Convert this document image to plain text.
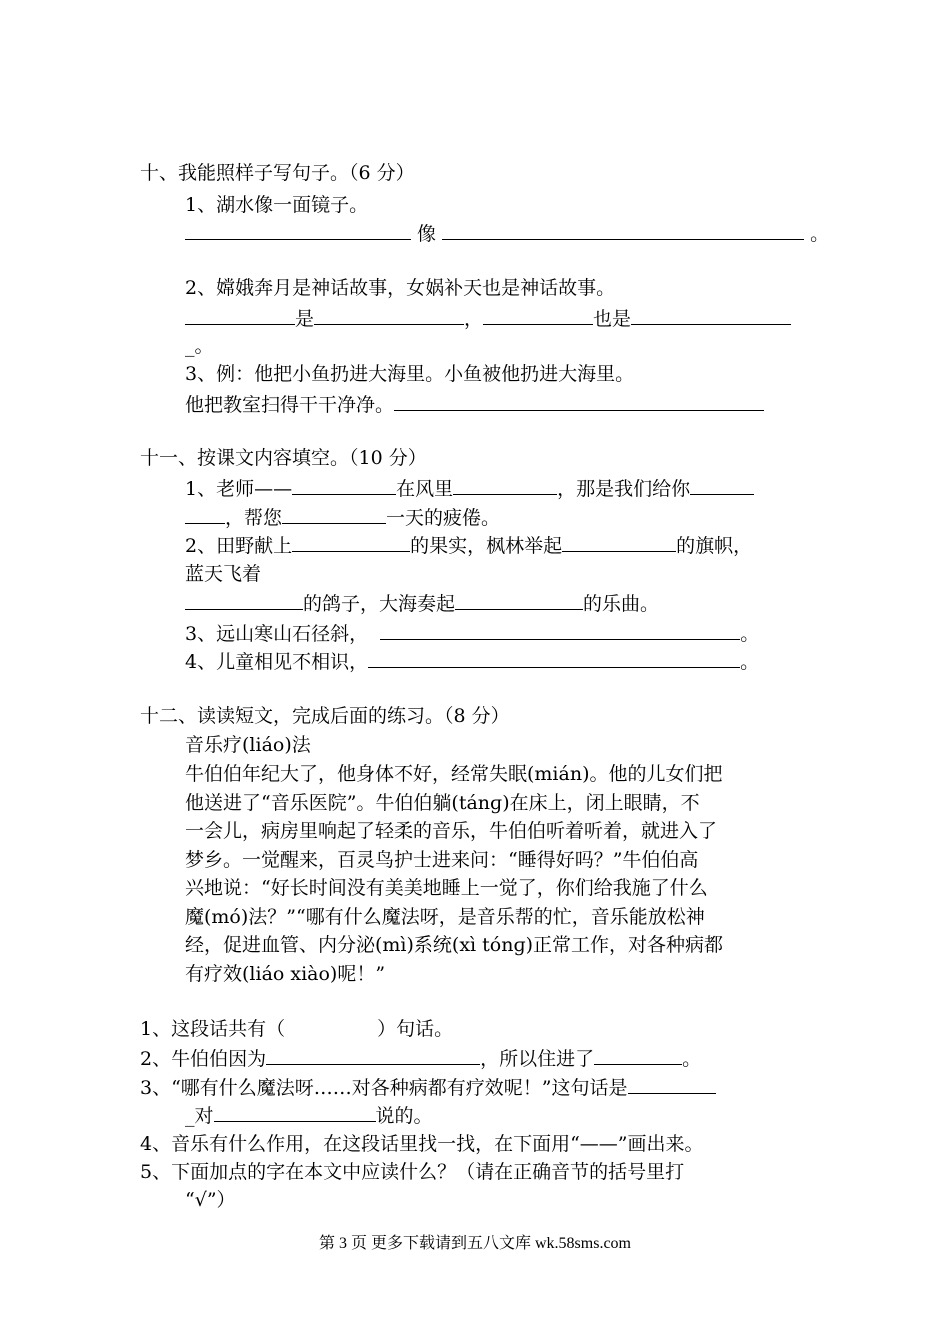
十、我能照样子写句子。（6 分）
1、湖水像一面镜子。
像	。
2、嫦娥奔月是神话故事，女娲补天也是神话故事。
是	，	也是
_。
3、例：他把小鱼扔进大海里。小鱼被他扔进大海里。
他把教室扫得干干净净。
十一、按课文内容填空。（10 分）
1、老师——	在风里	，那是我们给你
，帮您	一天的疲倦。
2、田野献上	的果实，枫林举起	的旗帜，
蓝天飞着
的鸽子，大海奏起	的乐曲。
3、远山寒山石径斜，	。
4、儿童相见不相识，	。
十二、读读短文，完成后面的练习。（8 分）
音乐疗(liáo)法
牛伯伯年纪大了，他身体不好，经常失眠(mián)。他的儿女们把
他送进了“音乐医院”。牛伯伯躺(tánɡ)在床上，闭上眼睛，不
一会儿，病房里响起了轻柔的音乐，牛伯伯听着听着，就进入了
梦乡。一觉醒来，百灵鸟护士进来问：“睡得好吗？”牛伯伯高
兴地说：“好长时间没有美美地睡上一觉了，你们给我施了什么
魔(mó)法？”“哪有什么魔法呀，是音乐帮的忙，音乐能放松神
经，促进血管、内分泌(mì)系统(xì tónɡ)正常工作，对各种病都
有疗效(liáo xiào)呢！”
1、这段话共有（	）句话。
2、牛伯伯因为	，所以住进了	。
3、“哪有什么魔法呀……对各种病都有疗效呢！”这句话是
_对	说的。
4、音乐有什么作用，在这段话里找一找，在下面用“——”画出来。
5、下面加点的字在本文中应读什么？（请在正确音节的括号里打
“√”）
第 3 页 更多下载请到五八文库 wk.58sms.com
